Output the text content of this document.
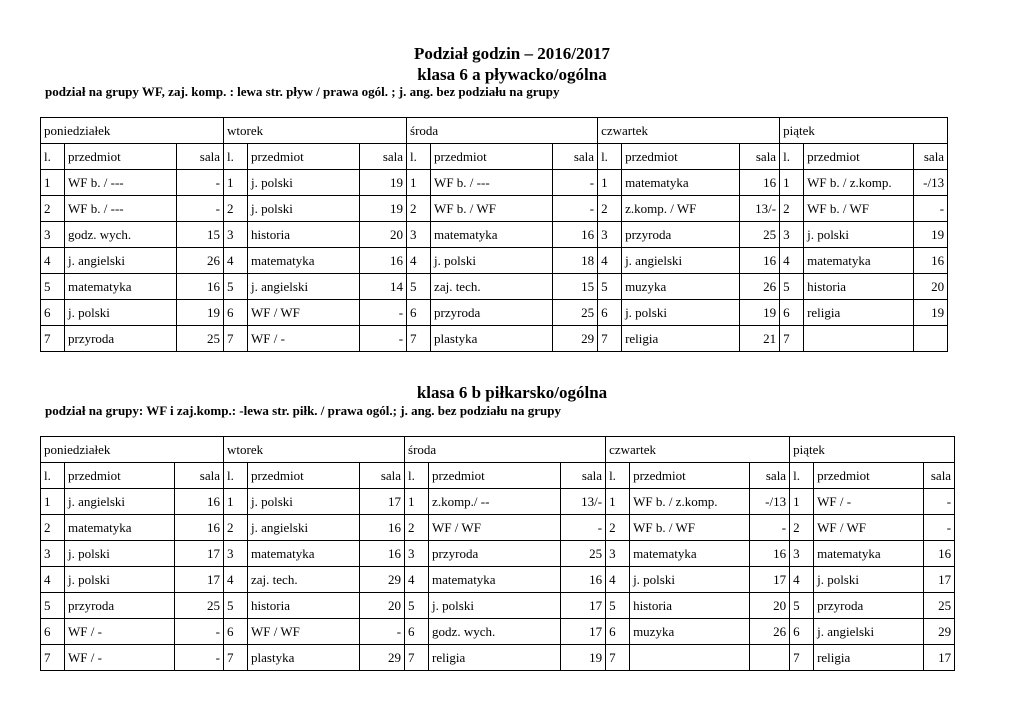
Podział godzin – 2016/2017
klasa 6 a pływacko/ogólna

podział na grupy WF, zaj. komp. : lewa str. pływ / prawa ogól. ; j. ang. bez podziału na grupy

poniedziałek			wtorek			środa			czwartek			piątek		
l.	przedmiot	sala	l.	przedmiot	sala	l.	przedmiot	sala	l.	przedmiot	sala	l.	przedmiot	sala
1	WF b. / ---	-	1	j. polski	19	1	WF b. / ---	-	1	matematyka	16	1	WF b. / z.komp.	-/13
2	WF b. / ---	-	2	j. polski	19	2	WF b. / WF	-	2	z.komp. / WF	13/-	2	WF b. / WF	-
3	godz. wych.	15	3	historia	20	3	matematyka	16	3	przyroda	25	3	j. polski	19
4	j. angielski	26	4	matematyka	16	4	j. polski	18	4	j. angielski	16	4	matematyka	16
5	matematyka	16	5	j. angielski	14	5	zaj. tech.	15	5	muzyka	26	5	historia	20
6	j. polski	19	6	WF / WF	-	6	przyroda	25	6	j. polski	19	6	religia	19
7	przyroda	25	7	WF / -	-	7	plastyka	29	7	religia	21	7		
klasa 6 b piłkarsko/ogólna

podział na grupy: WF i zaj.komp.: -lewa str. piłk. / prawa ogól.; j. ang. bez podziału na grupy

poniedziałek			wtorek			środa			czwartek			piątek		
l.	przedmiot	sala	l.	przedmiot	sala	l.	przedmiot	sala	l.	przedmiot	sala	l.	przedmiot	sala
1	j. angielski	16	1	j. polski	17	1	z.komp./ --	13/-	1	WF b. / z.komp.	-/13	1	WF / -	-
2	matematyka	16	2	j. angielski	16	2	WF / WF	-	2	WF b. / WF	-	2	WF / WF	-
3	j. polski	17	3	matematyka	16	3	przyroda	25	3	matematyka	16	3	matematyka	16
4	j. polski	17	4	zaj. tech.	29	4	matematyka	16	4	j. polski	17	4	j. polski	17
5	przyroda	25	5	historia	20	5	j. polski	17	5	historia	20	5	przyroda	25
6	WF / -	-	6	WF / WF	-	6	godz. wych.	17	6	muzyka	26	6	j. angielski	29
7	WF / -	-	7	plastyka	29	7	religia	19	7			7	religia	17
